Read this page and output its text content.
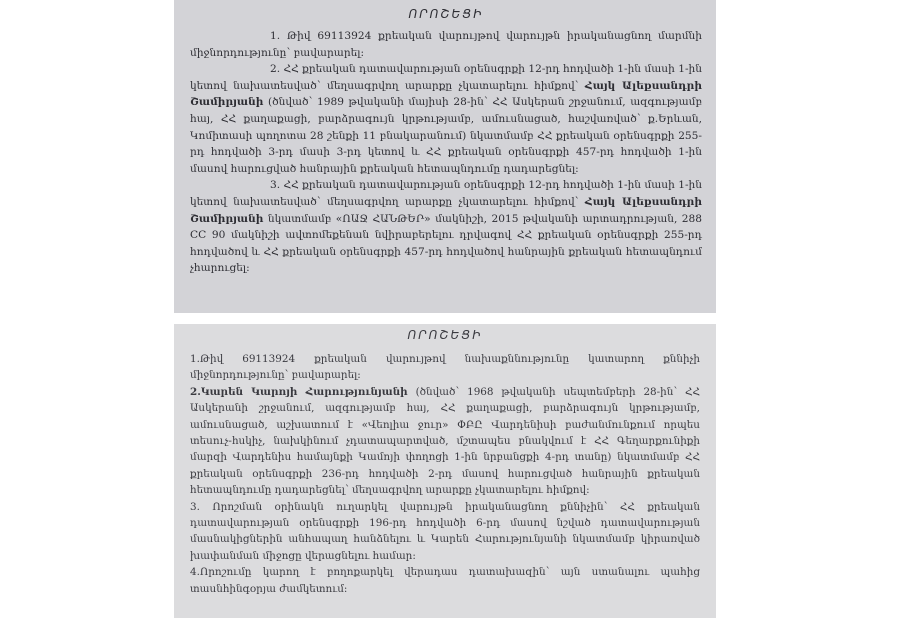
ՈՐՈՇԵՑԻ

1. Թիվ 69113924 քրեական վարույթով վարույթն իրականացնող մարմնի միջնորդությունը՝ բավարարել:

2. ՀՀ քրեական դատավարության օրենսգրքի 12-րդ հոդվածի 1-ին մասի 1-ին կետով նախատեսված՝ մեղսագրվող արարքը չկատարելու հիմքով՝ Հայկ Ալեքսանդրի Շամիրյանի (ծնված՝ 1989 թվականի մայիսի 28-ին՝ ՀՀ Ասկերան շրջանում, ազգությամբ հայ, ՀՀ քաղաքացի, բարձրագույն կրթությամբ, ամուսնացած, հաշվառված՝ ք.Երևան, Կոմիտասի պողոտա 28 շենքի 11 բնակարանում) նկատմամբ ՀՀ քրեական օրենսգրքի 255-րդ հոդվածի 3-րդ մասի 3-րդ կետով և ՀՀ քրեական օրենսգրքի 457-րդ հոդվածի 1-ին մասով հարուցված հանրային քրեական հետապնդումը դադարեցնել:

3. ՀՀ քրեական դատավարության օրենսգրքի 12-րդ հոդվածի 1-ին մասի 1-ին կետով նախատեսված՝ մեղսագրվող արարքը չկատարելու հիմքով՝ Հայկ Ալեքսանդրի Շամիրյանի նկատմամբ «ՈԱՋ ՀԱՆԹԵՐ» մակնիշի, 2015 թվականի արտադրության, 288 CC 90 մակնիշի ավտոմեքենան նվիրաբերելու դրվագով ՀՀ քրեական օրենսգրքի 255-րդ հոդվածով և ՀՀ քրեական օրենսգրքի 457-րդ հոդվածով հանրային քրեական հետապնդում չհարուցել:

ՈՐՈՇԵՑԻ

1.Թիվ 69113924 քրեական վարույթով նախաքննությունը կատարող քննիչի միջնորդությունը՝ բավարարել:

2.Կարեն Կարոյի Հարությունյանի (ծնված՝ 1968 թվականի սեպտեմբերի 28-ին՝ ՀՀ Ասկերանի շրջանում, ազգությամբ հայ, ՀՀ քաղաքացի, բարձրագույն կրթությամբ, ամուսնացած, աշխատում է «Վեոլիա ջուր» ՓԲԸ Վարդենիսի բաժանմունքում որպես տեսուչ-հսկիչ, նախկինում չդատապարտված, մշտապես բնակվում է ՀՀ Գեղարքունիքի մարզի Վարդենիս համայնքի Կամոյի փողոցի 1-ին նրբանցքի 4-րդ տանը) նկատմամբ ՀՀ քրեական օրենսգրքի 236-րդ հոդվածի 2-րդ մասով հարուցված հանրային քրեական հետապնդումը դադարեցնել՝ մեղսագրվող արարքը չկատարելու հիմքով:

3. Որոշման օրինակն ուղարկել վարույթն իրականացնող քննիչին՝ ՀՀ քրեական դատավարության օրենսգրքի 196-րդ հոդվածի 6-րդ մասով նշված դատավարության մասնակիցներին անհապաղ հանձնելու և Կարեն Հարությունյանի նկատմամբ կիրառված խափանման միջոցը վերացնելու համար:

4.Որոշումը կարող է բողոքարկել վերադաս դատախազին՝ այն ստանալու պահից տասնհինգօրյա ժամկետում:
